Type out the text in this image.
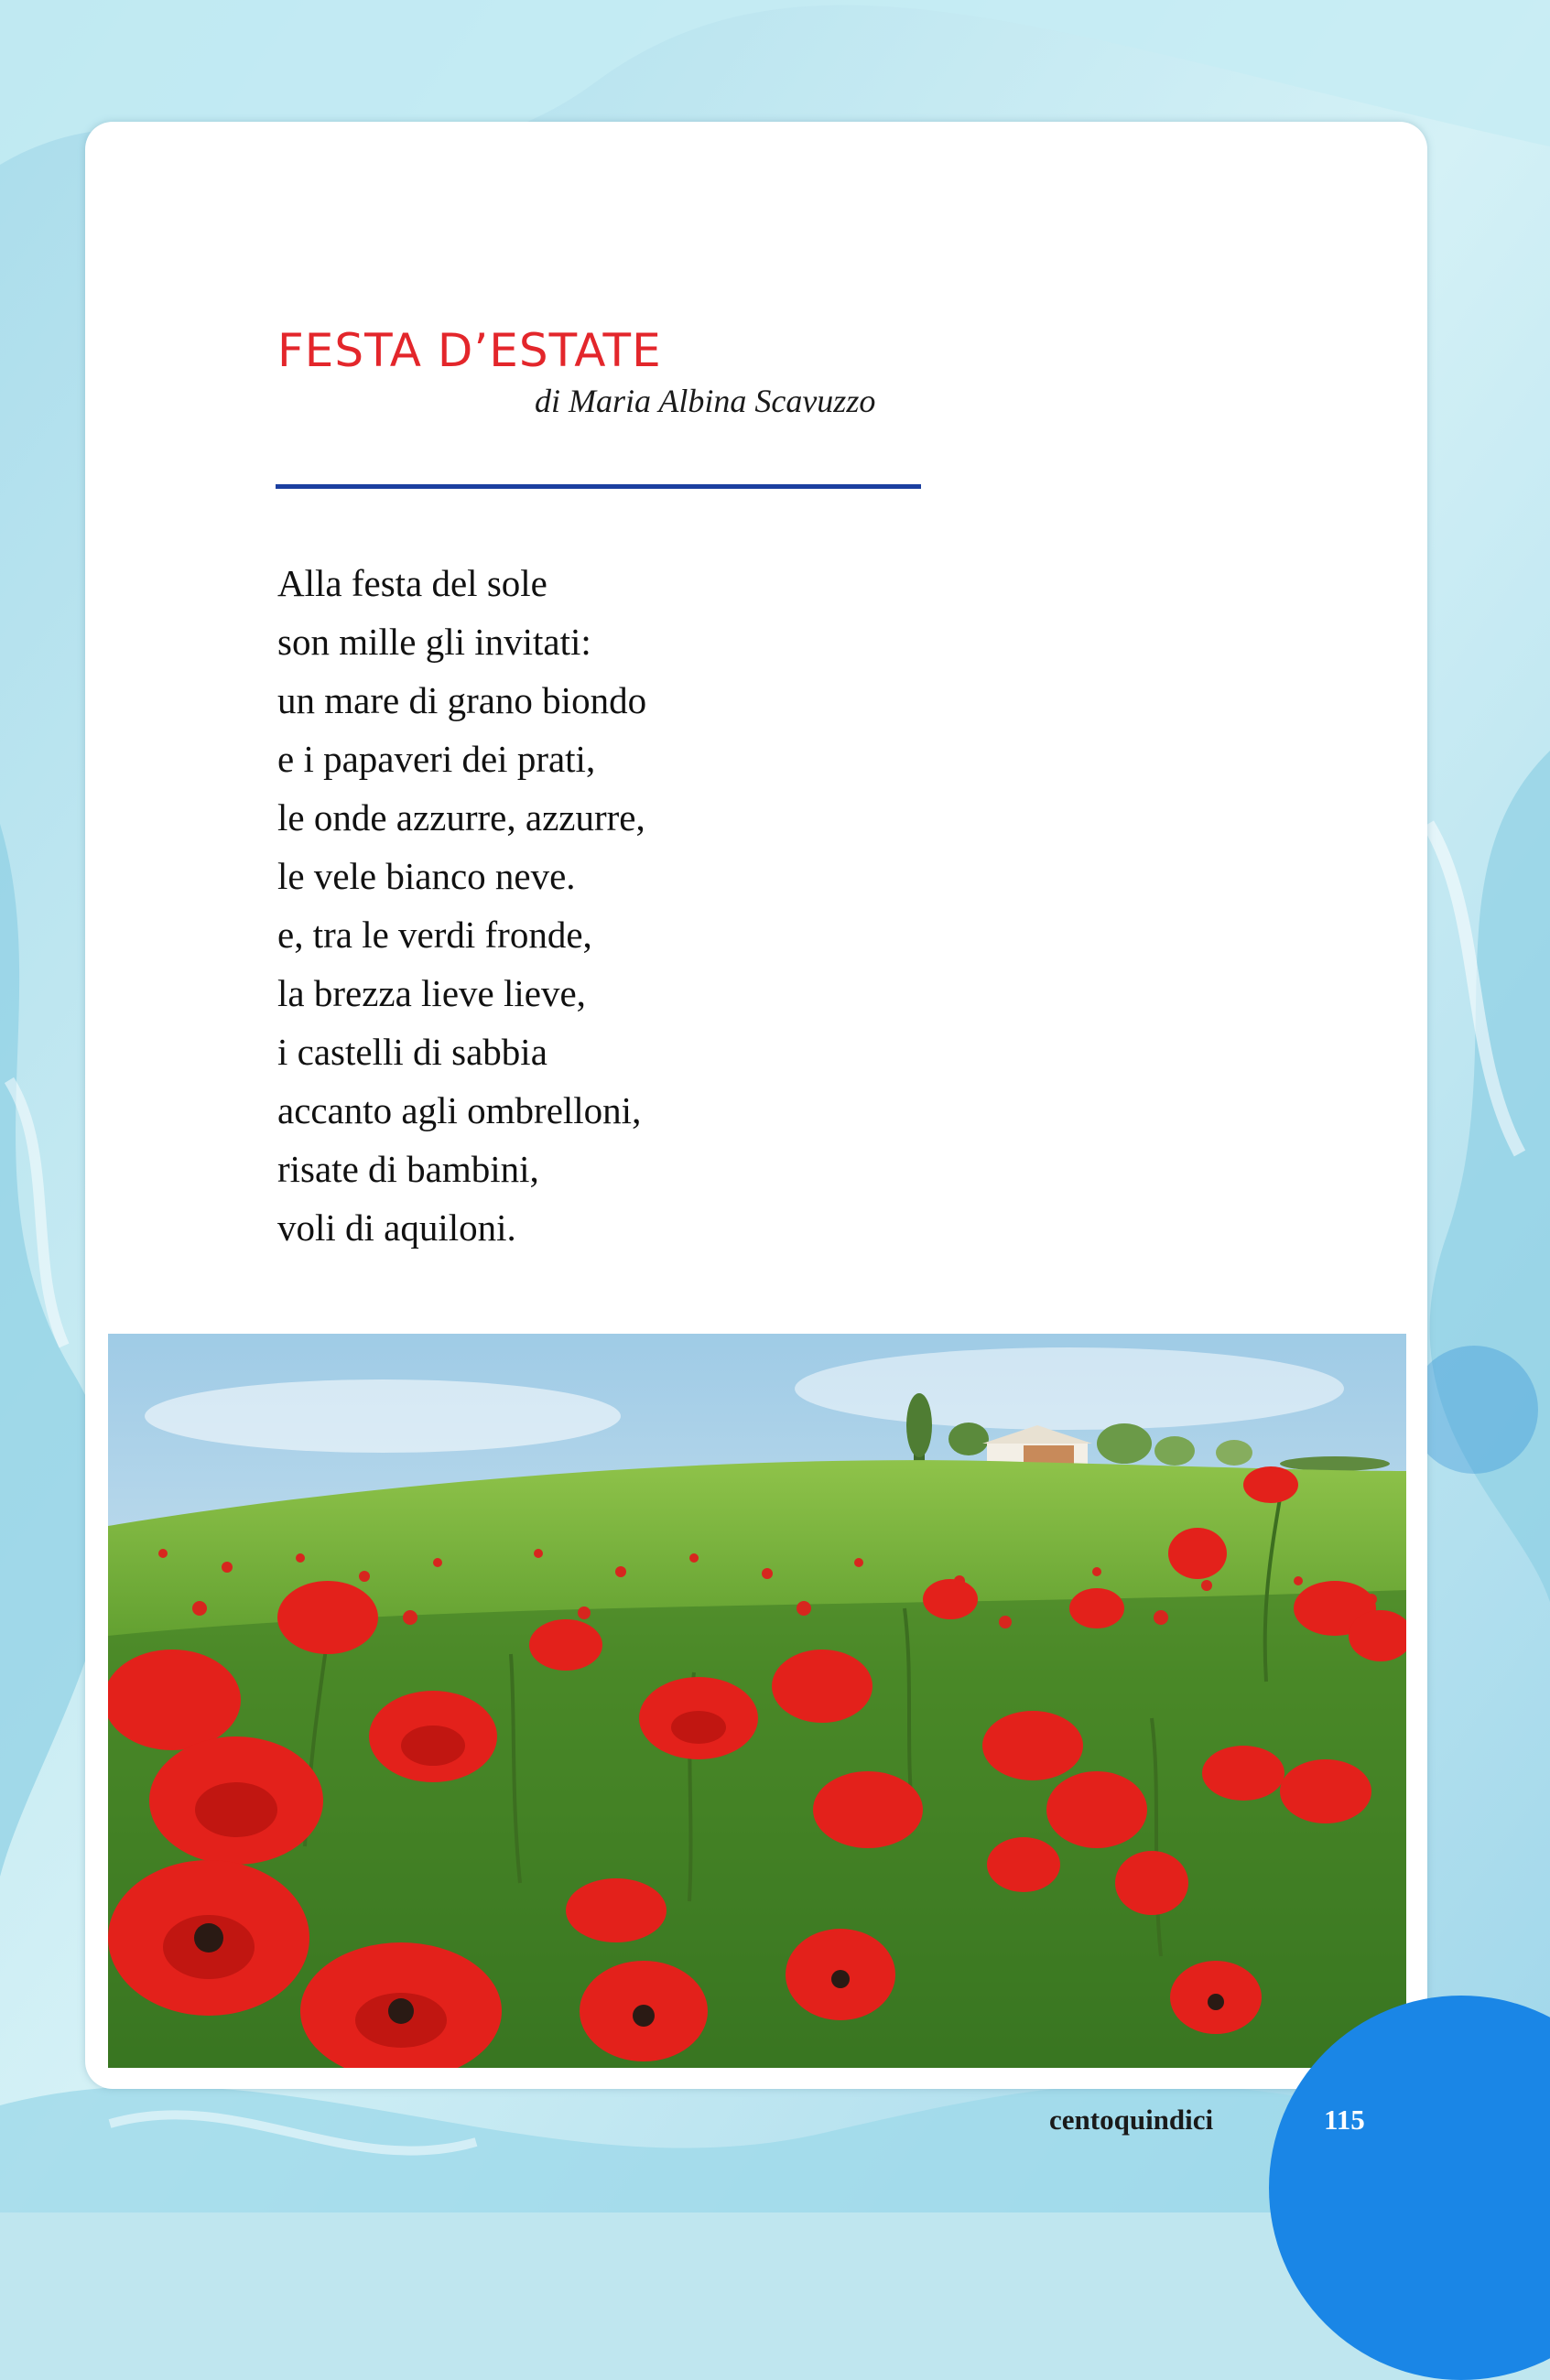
FESTA D’ESTATE
di Maria Albina Scavuzzo
Alla festa del sole
son mille gli invitati:
un mare di grano biondo
e i papaveri dei prati,
le onde azzurre, azzurre,
le vele bianco neve.
e, tra le verdi fronde,
la brezza lieve lieve,
i castelli di sabbia
accanto agli ombrelloni,
risate di bambini,
voli di aquiloni.
centoquindici	115
